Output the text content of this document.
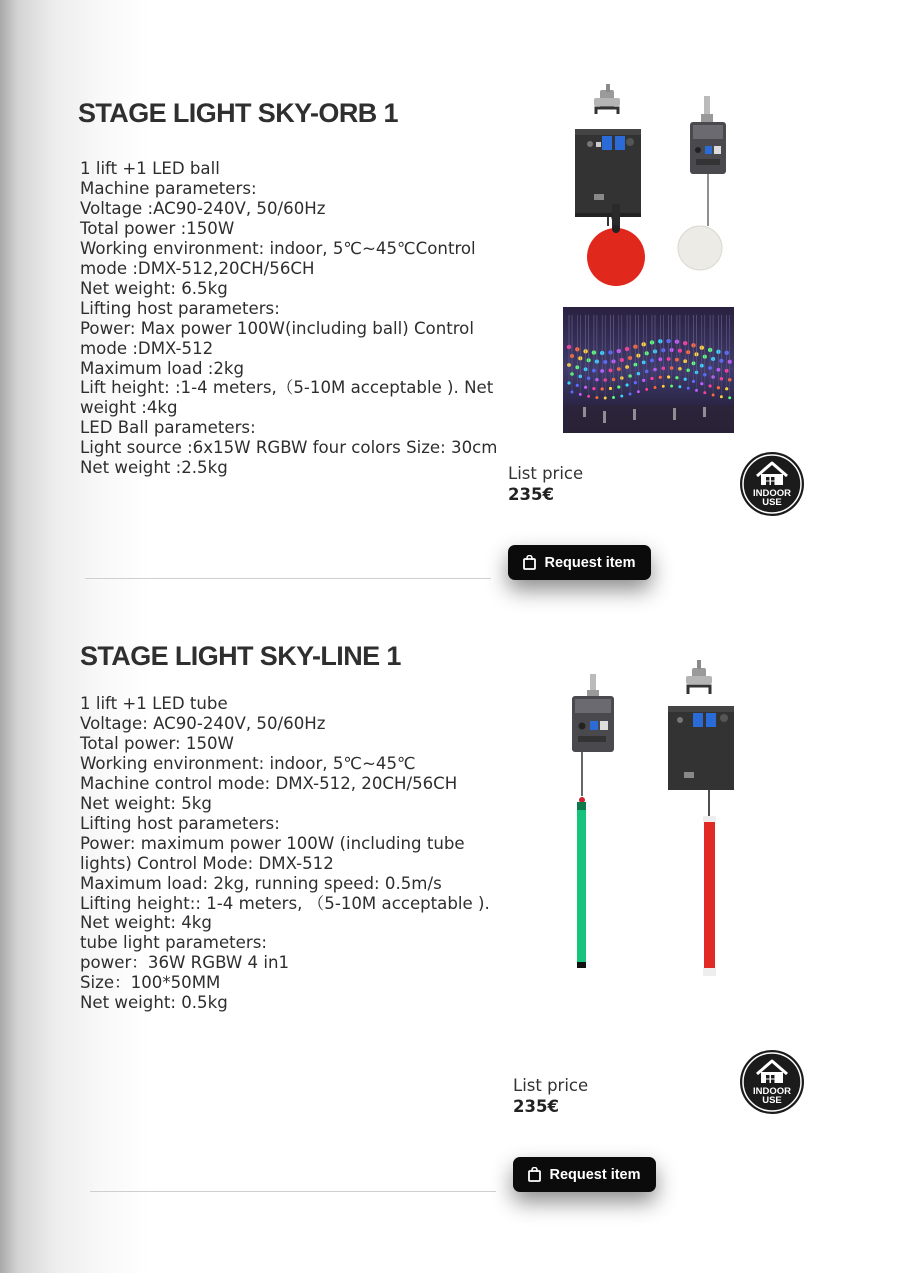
STAGE LIGHT SKY-ORB 1
1 lift +1 LED ball
Machine parameters:
Voltage :AC90-240V, 50/60Hz
Total power :150W
Working environment: indoor, 5℃~45℃Control
mode :DMX-512,20CH/56CH
Net weight: 6.5kg
Lifting host parameters:
Power: Max power 100W(including ball) Control
mode :DMX-512
Maximum load :2kg
Lift height: :1-4 meters,（5-10M acceptable ). Net
weight :4kg
LED Ball parameters:
Light source :6x15W RGBW four colors Size: 30cm
Net weight :2.5kg	List price
235€	INDOOR
USE
Request item
STAGE LIGHT SKY-LINE 1
1 lift +1 LED tube
Voltage: AC90-240V, 50/60Hz
Total power: 150W
Working environment: indoor, 5℃~45℃
Machine control mode: DMX-512, 20CH/56CH
Net weight: 5kg
Lifting host parameters:
Power: maximum power 100W (including tube
lights) Control Mode: DMX-512
Maximum load: 2kg, running speed: 0.5m/s
Lifting height:: 1-4 meters, （5-10M acceptable ).
Net weight: 4kg
tube light parameters:
power：36W RGBW 4 in1
Size：100*50MM
Net weight: 0.5kg
List price
235€
INDOOR
USE
Request item
